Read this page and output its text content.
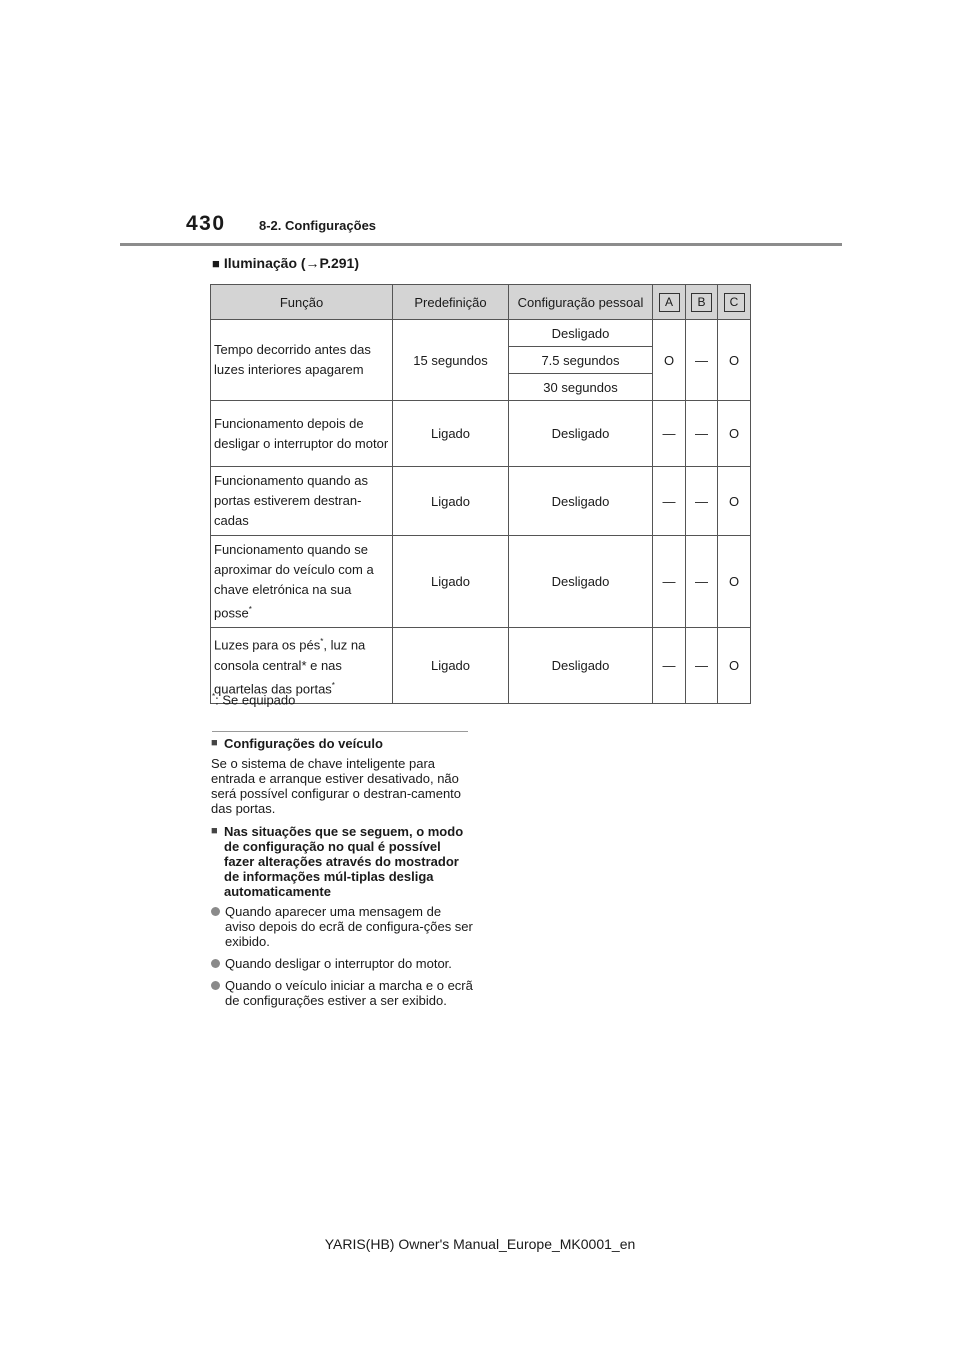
430	8-2. Configurações
■ Iluminação (→P.291)
Função	Predefinição	Configuração pessoal	A	B	C
Tempo decorrido antes das luzes interiores apagarem	15 segundos	Desligado	O	—	O
		7.5 segundos			
		30 segundos			
Funcionamento depois de desligar o interruptor do motor	Ligado	Desligado	—	—	O
Funcionamento quando as
portas estiverem destran-
cadas	Ligado	Desligado	—	—	O
Funcionamento quando se
aproximar do veículo com a
chave eletrónica na sua
posse*	Ligado	Desligado	—	—	O
Luzes para os pés*, luz na
consola central* e nas
quartelas das portas*	Ligado	Desligado	—	—	O
*: Se equipado
■ Configurações do veículo

Se o sistema de chave inteligente para entrada e arranque estiver desativado, não será possível configurar o destran-camento das portas.

■ Nas situações que se seguem, o modo de configuração no qual é possível fazer alterações através do mostrador de informações múl-tiplas desliga automaticamente
Quando aparecer uma mensagem de aviso depois do ecrã de configura-ções ser exibido.
Quando desligar o interruptor do motor.
Quando o veículo iniciar a marcha e o ecrã de configurações estiver a ser exibido.
YARIS(HB) Owner's Manual_Europe_MK0001_en
